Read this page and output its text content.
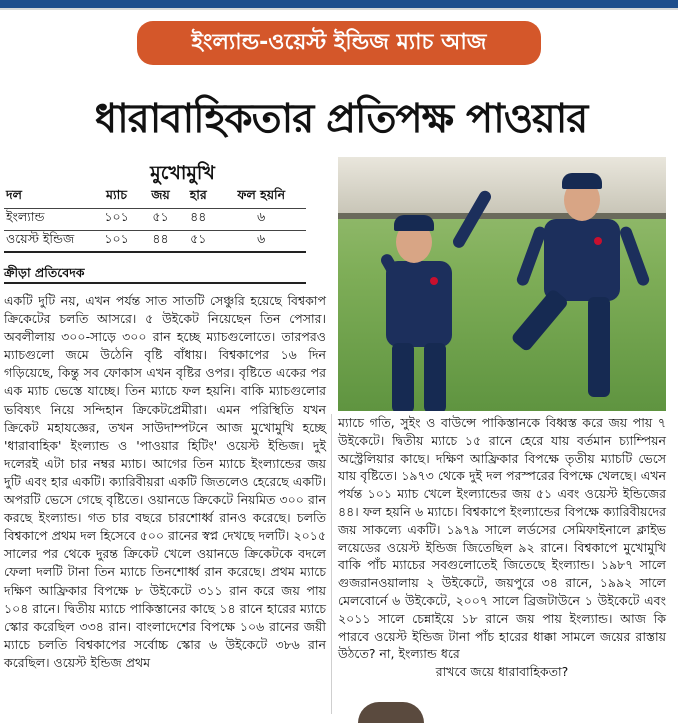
ইংল্যান্ড-ওয়েস্ট ইন্ডিজ ম্যাচ আজ
ধারাবাহিকতার প্রতিপক্ষ পাওয়ার
মুখোমুখি
দল	ম্যাচ	জয়	হার	ফল হয়নি
ইংল্যান্ড	১০১	৫১	৪৪	৬
ওয়েস্ট ইন্ডিজ	১০১	৪৪	৫১	৬
ক্রীড়া প্রতিবেদক

একটি দুটি নয়, এখন পর্যন্ত সাত সাতটি সেঞ্চুরি হয়েছে বিশ্বকাপ ক্রিকেটের চলতি আসরে। ৫ উইকেট নিয়েছেন তিন পেসার। অবলীলায় ৩০০-সাড়ে ৩০০ রান হচ্ছে ম্যাচগুলোতে। তারপরও ম্যাচগুলো জমে উঠেনি বৃষ্টি বাঁধায়। বিশ্বকাপের ১৬ দিন গড়িয়েছে, কিন্তু সব ফোকাস এখন বৃষ্টির ওপর। বৃষ্টিতে একের পর এক ম্যাচ ভেস্তে যাচ্ছে। তিন ম্যাচে ফল হয়নি। বাকি ম্যাচগুলোর ভবিষ্যৎ নিয়ে সন্দিহান ক্রিকেটপ্রেমীরা। এমন পরিস্থিতি যখন ক্রিকেট মহাযজ্ঞের, তখন সাউদাম্পটনে আজ মুখোমুখি হচ্ছে 'ধারাবাহিক' ইংল্যান্ড ও 'পাওয়ার হিটিং' ওয়েস্ট ইন্ডিজ। দুই দলেরই এটা চার নম্বর ম্যাচ। আগের তিন ম্যাচে ইংল্যান্ডের জয় দুটি এবং হার একটি। ক্যারিবীয়রা একটি জিতলেও হেরেছে একটি। অপরটি ভেসে গেছে বৃষ্টিতে। ওয়ানডে ক্রিকেটে নিয়মিত ৩০০ রান করছে ইংল্যান্ড। গত চার বছরে চারশোর্ধ্ব রানও করেছে। চলতি বিশ্বকাপে প্রথম দল হিসেবে ৫০০ রানের স্বপ্ন দেখছে দলটি। ২০১৫ সালের পর থেকে দুরন্ত ক্রিকেট খেলে ওয়ানডে ক্রিকেটকে বদলে ফেলা দলটি টানা তিন ম্যাচে তিনশোর্ধ্ব রান করেছে। প্রথম ম্যাচে দক্ষিণ আফ্রিকার বিপক্ষে ৮ উইকেটে ৩১১ রান করে জয় পায় ১০৪ রানে। দ্বিতীয় ম্যাচে পাকিস্তানের কাছে ১৪ রানে হারের ম্যাচে স্কোর করেছিল ৩৩৪ রান। বাংলাদেশের বিপক্ষে ১০৬ রানের জয়ী ম্যাচে চলতি বিশ্বকাপের সর্বোচ্চ স্কোর ৬ উইকেটে ৩৮৬ রান করেছিল। ওয়েস্ট ইন্ডিজ প্রথম

ম্যাচে গতি, সুইং ও বাউন্সে পাকিস্তানকে বিধ্বস্ত করে জয় পায় ৭ উইকেটে। দ্বিতীয় ম্যাচে ১৫ রানে হেরে যায় বর্তমান চ্যাম্পিয়ন অস্ট্রেলিয়ার কাছে। দক্ষিণ আফ্রিকার বিপক্ষে তৃতীয় ম্যাচটি ভেসে যায় বৃষ্টিতে। ১৯৭৩ থেকে দুই দল পরস্পরের বিপক্ষে খেলছে। এখন পর্যন্ত ১০১ ম্যাচ খেলে ইংল্যান্ডের জয় ৫১ এবং ওয়েস্ট ইন্ডিজের ৪৪। ফল হয়নি ৬ ম্যাচে। বিশ্বকাপে ইংল্যান্ডের বিপক্ষে ক্যারিবীয়দের জয় সাকল্যে একটি। ১৯৭৯ সালে লর্ডসের সেমিফাইনালে ক্লাইভ লয়েডের ওয়েস্ট ইন্ডিজ জিতেছিল ৯২ রানে। বিশ্বকাপে মুখোমুখি বাকি পাঁচ ম্যাচের সবগুলোতেই জিতেছে ইংল্যান্ড। ১৯৮৭ সালে গুজরানওয়ালায় ২ উইকেটে, জয়পুরে ৩৪ রানে, ১৯৯২ সালে মেলবোর্নে ৬ উইকেটে, ২০০৭ সালে ব্রিজটাউনে ১ উইকেটে এবং ২০১১ সালে চেন্নাইয়ে ১৮ রানে জয় পায় ইংল্যান্ড। আজ কি পারবে ওয়েস্ট ইন্ডিজ টানা পাঁচ হারের ধাক্কা সামলে জয়ের রাস্তায় উঠতে? না, ইংল্যান্ড ধরে

রাখবে জয়ে ধারাবাহিকতা?
